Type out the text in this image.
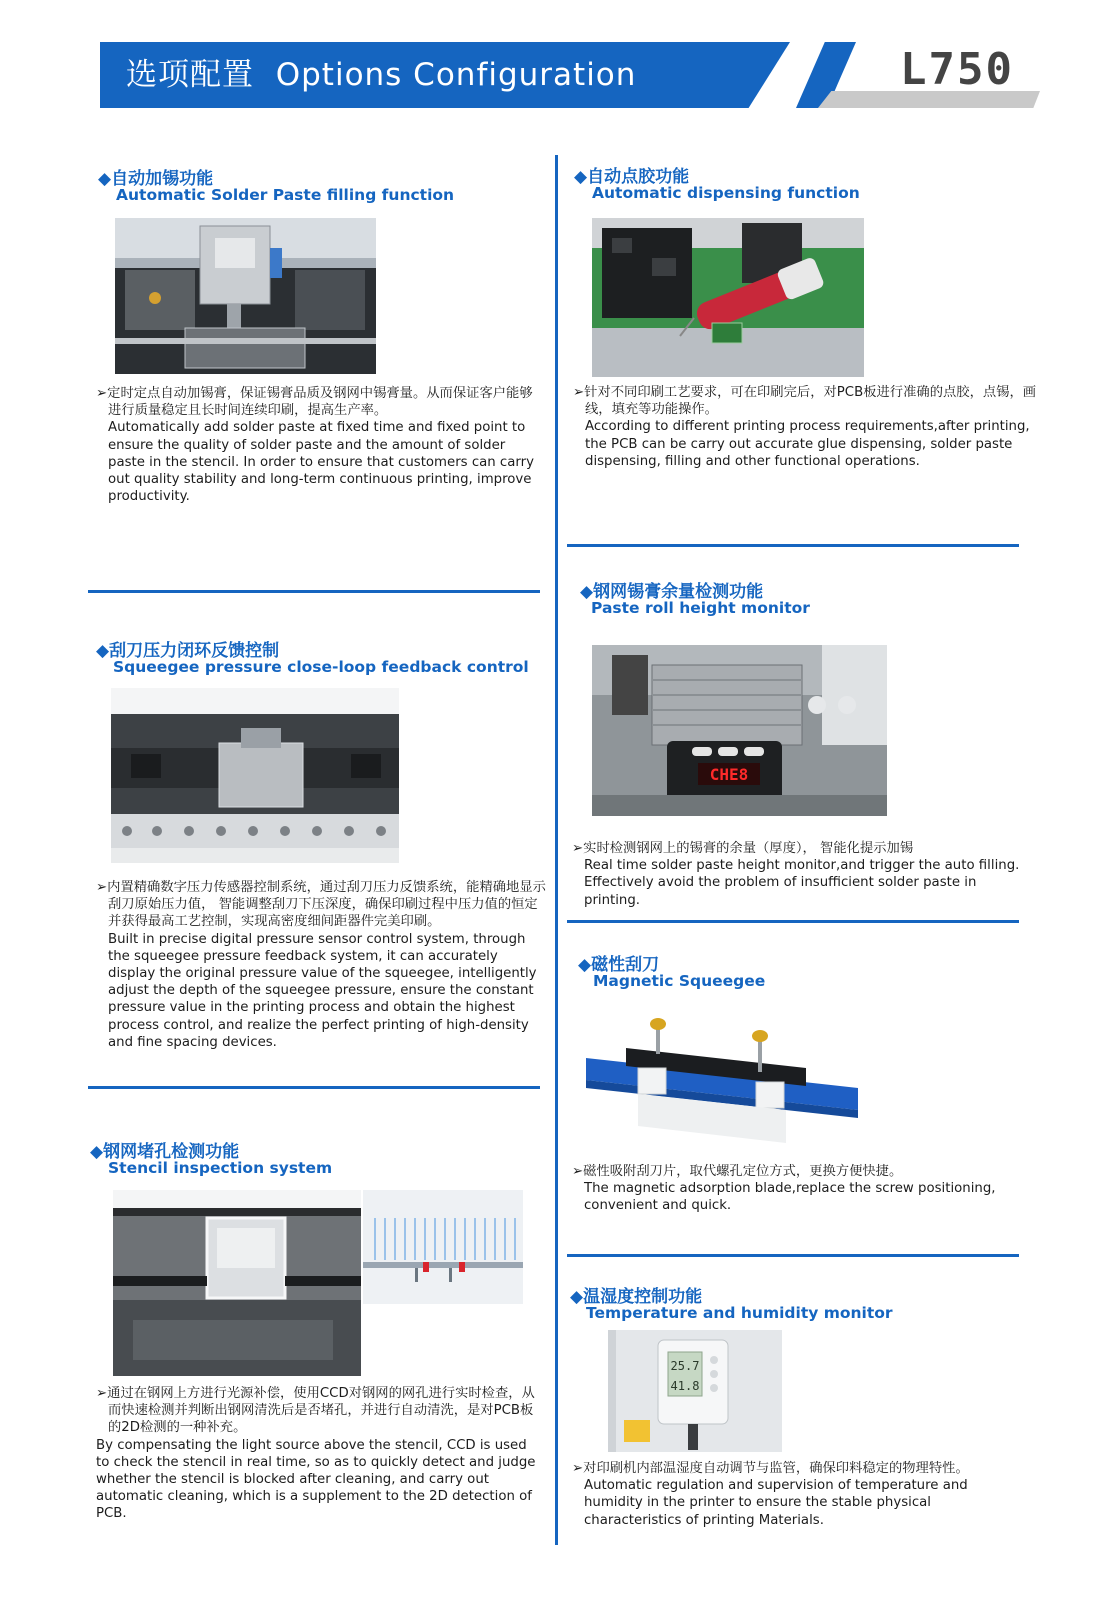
选项配置 Options Configuration	L750
◆自动加锡功能
Automatic Solder Paste filling function
➢定时定点自动加锡膏，保证锡膏品质及钢网中锡膏量。从而保证客户能够进行质量稳定且长时间连续印刷，提高生产率。
Automatically add solder paste at fixed time and fixed point to ensure the quality of solder paste and the amount of solder paste in the stencil. In order to ensure that customers can carry out quality stability and long-term continuous printing, improve productivity.
◆自动点胶功能
Automatic dispensing function
➢针对不同印刷工艺要求，可在印刷完后，对PCB板进行准确的点胶，点锡，画线，填充等功能操作。
According to different printing process requirements,after printing, the PCB can be carry out accurate glue dispensing, solder paste dispensing, filling and other functional operations.
◆刮刀压力闭环反馈控制
Squeegee pressure close-loop feedback control
➢内置精确数字压力传感器控制系统，通过刮刀压力反馈系统，能精确地显示刮刀原始压力值， 智能调整刮刀下压深度，确保印刷过程中压力值的恒定并获得最高工艺控制，实现高密度细间距器件完美印刷。
Built in precise digital pressure sensor control system, through the squeegee pressure feedback system, it can accurately display the original pressure value of the squeegee, intelligently adjust the depth of the squeegee pressure, ensure the constant pressure value in the printing process and obtain the highest process control, and realize the perfect printing of high-density and fine spacing devices.
◆钢网锡膏余量检测功能
Paste roll height monitor
CHE8
➢实时检测钢网上的锡膏的余量（厚度）， 智能化提示加锡
Real time solder paste height monitor,and trigger the auto filling. Effectively avoid the problem of insufficient solder paste in printing.
◆磁性刮刀
Magnetic Squeegee
➢磁性吸附刮刀片，取代螺孔定位方式，更换方便快捷。
The magnetic adsorption blade,replace the screw positioning, convenient and quick.
◆钢网堵孔检测功能
Stencil inspection system
➢通过在钢网上方进行光源补偿，使用CCD对钢网的网孔进行实时检查，从而快速检测并判断出钢网清洗后是否堵孔，并进行自动清洗，是对PCB板的2D检测的一种补充。
By compensating the light source above the stencil, CCD is used to check the stencil in real time, so as to quickly detect and judge whether the stencil is blocked after cleaning, and carry out automatic cleaning, which is a supplement to the 2D detection of PCB.
◆温湿度控制功能
Temperature and humidity monitor
25.7
41.8
➢对印刷机内部温湿度自动调节与监管，确保印料稳定的物理特性。
Automatic regulation and supervision of temperature and humidity in the printer to ensure the stable physical characteristics of printing Materials.
